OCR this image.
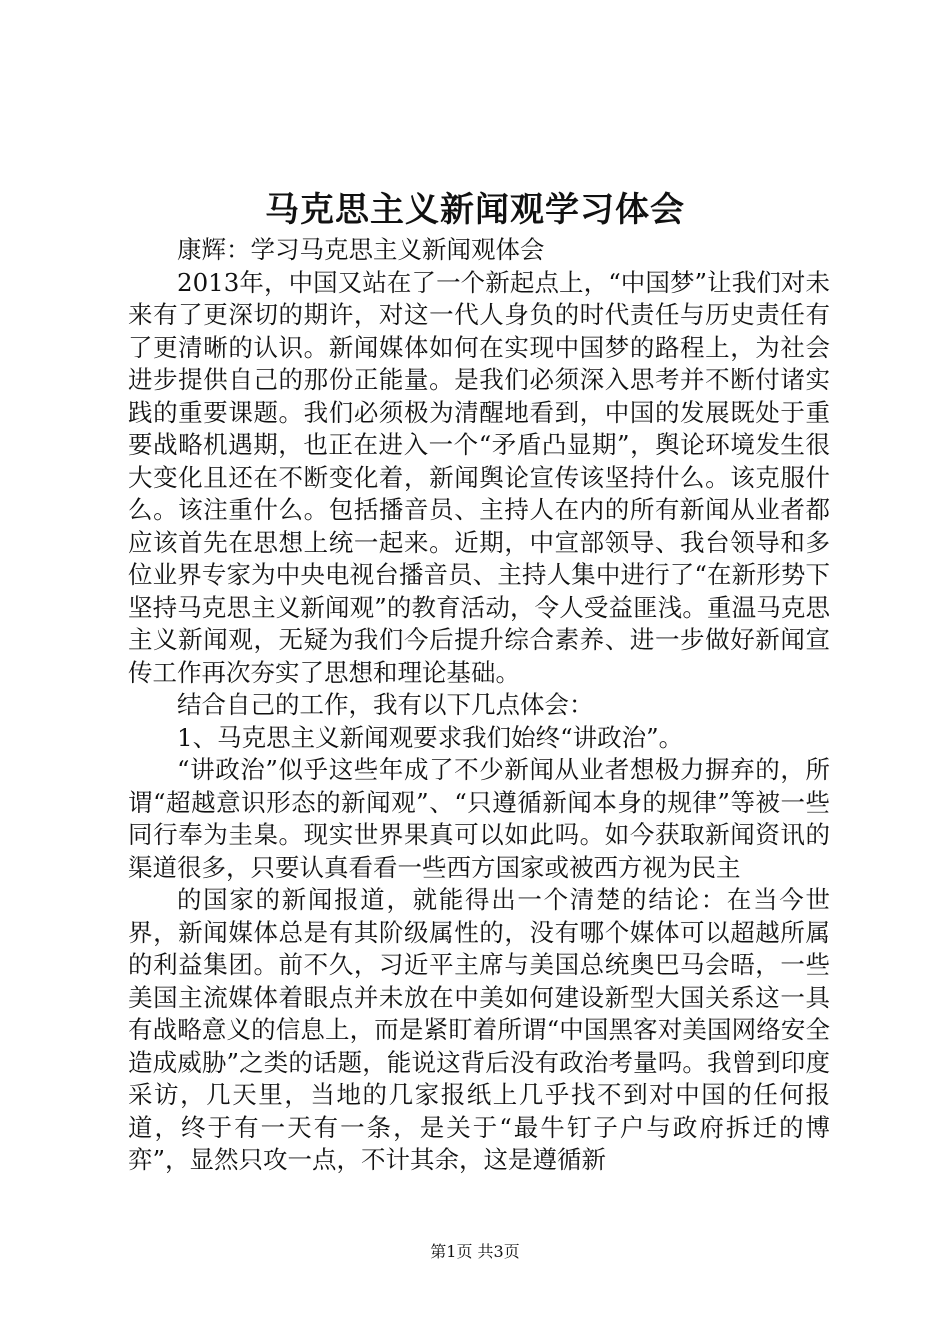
马克思主义新闻观学习体会

康辉：学习马克思主义新闻观体会

2013年，中国又站在了一个新起点上，“中国梦”让我们对未来有了更深切的期许，对这一代人身负的时代责任与历史责任有了更清晰的认识。新闻媒体如何在实现中国梦的路程上，为社会进步提供自己的那份正能量。是我们必须深入思考并不断付诸实践的重要课题。我们必须极为清醒地看到，中国的发展既处于重要战略机遇期，也正在进入一个“矛盾凸显期”，舆论环境发生很大变化且还在不断变化着，新闻舆论宣传该坚持什么。该克服什么。该注重什么。包括播音员、主持人在内的所有新闻从业者都应该首先在思想上统一起来。近期，中宣部领导、我台领导和多位业界专家为中央电视台播音员、主持人集中进行了“在新形势下坚持马克思主义新闻观”的教育活动，令人受益匪浅。重温马克思主义新闻观，无疑为我们今后提升综合素养、进一步做好新闻宣传工作再次夯实了思想和理论基础。

结合自己的工作，我有以下几点体会：

1、马克思主义新闻观要求我们始终“讲政治”。

“讲政治”似乎这些年成了不少新闻从业者想极力摒弃的，所谓“超越意识形态的新闻观”、“只遵循新闻本身的规律”等被一些同行奉为圭臬。现实世界果真可以如此吗。如今获取新闻资讯的渠道很多，只要认真看看一些西方国家或被西方视为民主

的国家的新闻报道，就能得出一个清楚的结论：在当今世界，新闻媒体总是有其阶级属性的，没有哪个媒体可以超越所属的利益集团。前不久，习近平主席与美国总统奥巴马会晤，一些美国主流媒体着眼点并未放在中美如何建设新型大国关系这一具有战略意义的信息上，而是紧盯着所谓“中国黑客对美国网络安全造成威胁”之类的话题，能说这背后没有政治考量吗。我曾到印度采访，几天里，当地的几家报纸上几乎找不到对中国的任何报道，终于有一天有一条，是关于“最牛钉子户与政府拆迁的博弈”，显然只攻一点，不计其余，这是遵循新

第1页 共3页
